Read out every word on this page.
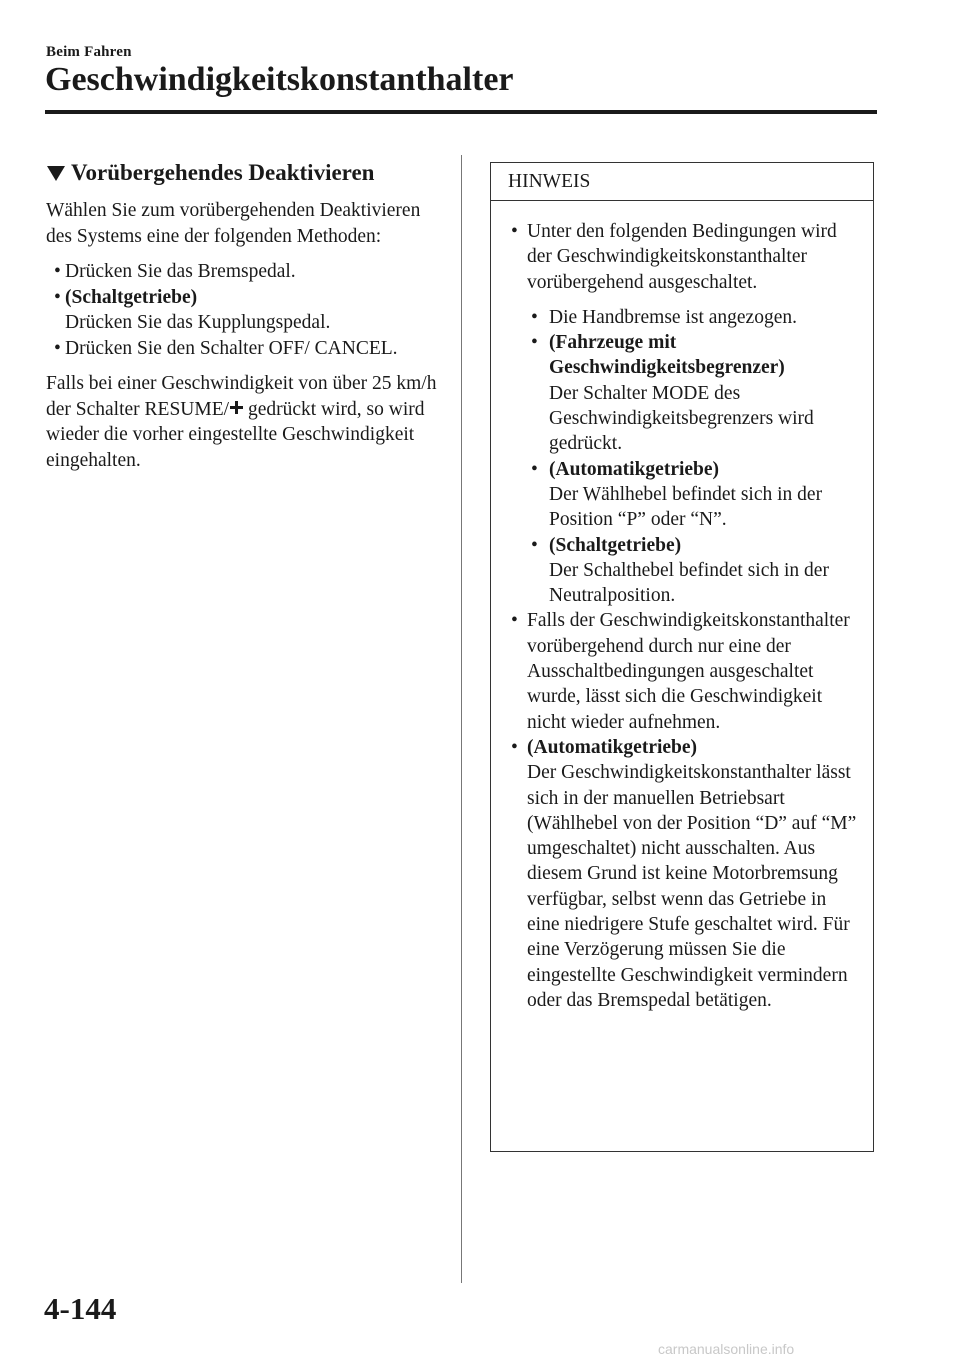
Beim Fahren
Geschwindigkeitskonstanthalter
Vorübergehendes Deaktivieren

Wählen Sie zum vorübergehenden Deaktivieren des Systems eine der folgenden Methoden:

• Drücken Sie das Bremspedal.
• (Schaltgetriebe)
Drücken Sie das Kupplungspedal.
• Drücken Sie den Schalter OFF/ CANCEL.

Falls bei einer Geschwindigkeit von über 25 km/h der Schalter RESUME/ gedrückt wird, so wird wieder die vorher eingestellte Geschwindigkeit eingehalten.

HINWEIS
• Unter den folgenden Bedingungen wird der Geschwindigkeitskonstanthalter vorübergehend ausgeschaltet.
• Die Handbremse ist angezogen.
• (Fahrzeuge mit Geschwindigkeitsbegrenzer)
Der Schalter MODE des Geschwindigkeitsbegrenzers wird gedrückt.
• (Automatikgetriebe)
Der Wählhebel befindet sich in der Position “P” oder “N”.
• (Schaltgetriebe)
Der Schalthebel befindet sich in der Neutralposition.
• Falls der Geschwindigkeitskonstanthalter vorübergehend durch nur eine der Ausschaltbedingungen ausgeschaltet wurde, lässt sich die Geschwindigkeit nicht wieder aufnehmen.
• (Automatikgetriebe)
Der Geschwindigkeitskonstanthalter lässt sich in der manuellen Betriebsart (Wählhebel von der Position “D” auf “M” umgeschaltet) nicht ausschalten. Aus diesem Grund ist keine Motorbremsung verfügbar, selbst wenn das Getriebe in eine niedrigere Stufe geschaltet wird. Für eine Verzögerung müssen Sie die eingestellte Geschwindigkeit vermindern oder das Bremspedal betätigen.
4-144
carmanualsonline.info
